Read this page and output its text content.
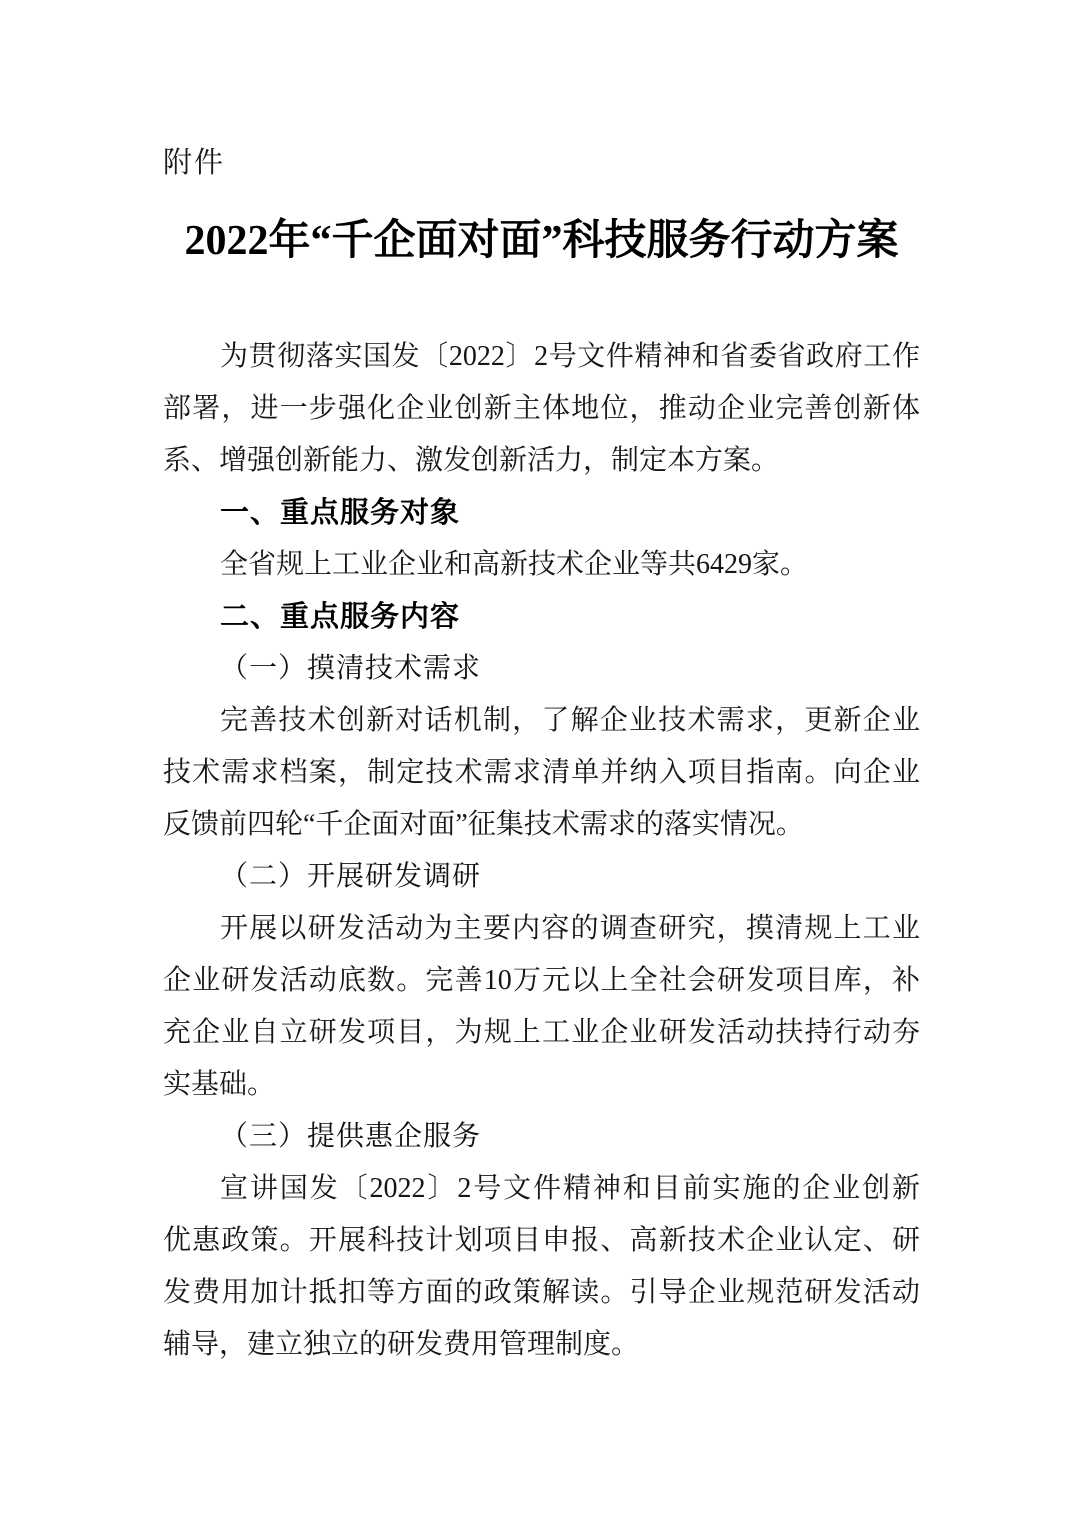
附件
2022年“千企面对面”科技服务行动方案
为贯彻落实国发〔2022〕2号文件精神和省委省政府工作
部署，进一步强化企业创新主体地位，推动企业完善创新体
系、增强创新能力、激发创新活力，制定本方案。
一、重点服务对象
全省规上工业企业和高新技术企业等共6429家。
二、重点服务内容
（一）摸清技术需求
完善技术创新对话机制，了解企业技术需求，更新企业
技术需求档案，制定技术需求清单并纳入项目指南。向企业
反馈前四轮“千企面对面”征集技术需求的落实情况。
（二）开展研发调研
开展以研发活动为主要内容的调查研究，摸清规上工业
企业研发活动底数。完善10万元以上全社会研发项目库，补
充企业自立研发项目，为规上工业企业研发活动扶持行动夯
实基础。
（三）提供惠企服务
宣讲国发〔2022〕2号文件精神和目前实施的企业创新
优惠政策。开展科技计划项目申报、高新技术企业认定、研
发费用加计抵扣等方面的政策解读。引导企业规范研发活动
辅导，建立独立的研发费用管理制度。
